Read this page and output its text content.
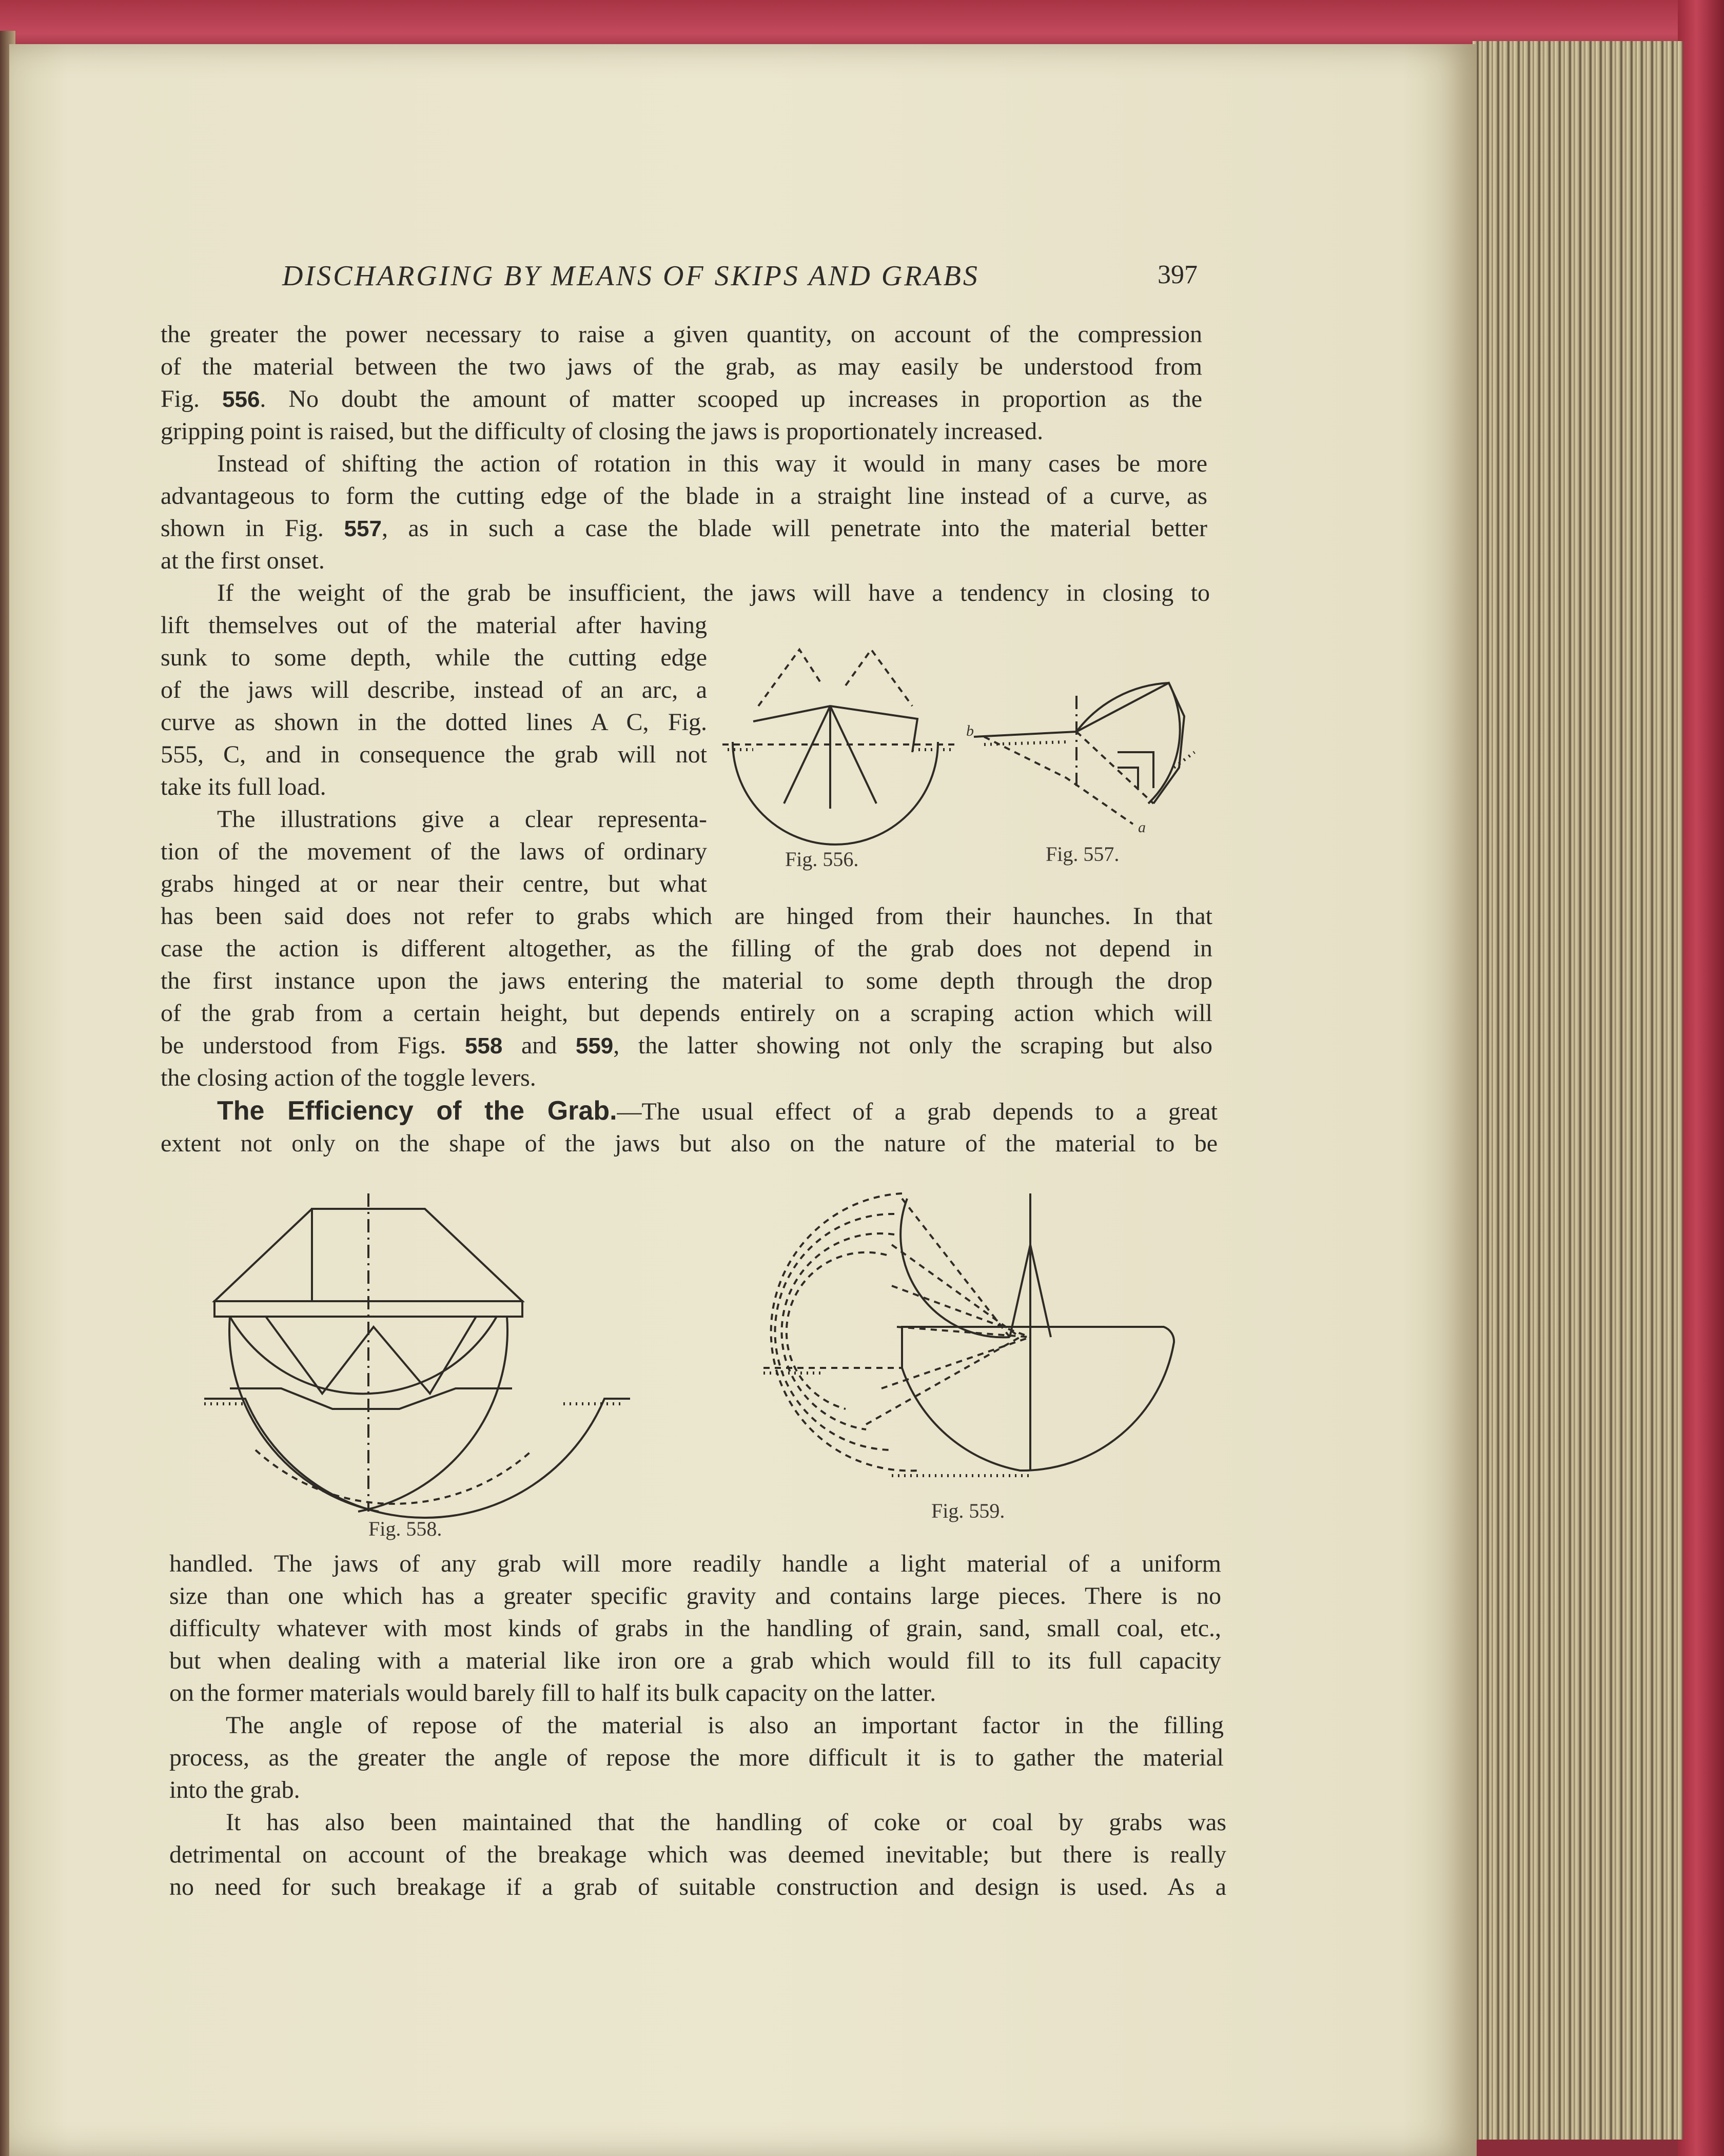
DISCHARGING BY MEANS OF SKIPS AND GRABS	397
the greater the power necessary to raise a given quantity, on account of the compression
of the material between the two jaws of the grab, as may easily be understood from
Fig. 556. No doubt the amount of matter scooped up increases in proportion as the
gripping point is raised, but the difficulty of closing the jaws is proportionately increased.
Instead of shifting the action of rotation in this way it would in many cases be more
advantageous to form the cutting edge of the blade in a straight line instead of a curve, as
shown in Fig. 557, as in such a case the blade will penetrate into the material better
at the first onset.
If the weight of the grab be insufficient, the jaws will have a tendency in closing to
lift themselves out of the material after having
sunk to some depth, while the cutting edge
of the jaws will describe, instead of an arc, a
curve as shown in the dotted lines A C, Fig.
555, C, and in consequence the grab will not
take its full load.
The illustrations give a clear representa-
tion of the movement of the laws of ordinary
grabs hinged at or near their centre, but what
has been said does not refer to grabs which are hinged from their haunches. In that
case the action is different altogether, as the filling of the grab does not depend in
the first instance upon the jaws entering the material to some depth through the drop
of the grab from a certain height, but depends entirely on a scraping action which will
be understood from Figs. 558 and 559, the latter showing not only the scraping but also
the closing action of the toggle levers.
The Efficiency of the Grab.—The usual effect of a grab depends to a great
extent not only on the shape of the jaws but also on the nature of the material to be
Fig. 556.
b
a
Fig. 557.
Fig. 558.
Fig. 559.
handled. The jaws of any grab will more readily handle a light material of a uniform
size than one which has a greater specific gravity and contains large pieces. There is no
difficulty whatever with most kinds of grabs in the handling of grain, sand, small coal, etc.,
but when dealing with a material like iron ore a grab which would fill to its full capacity
on the former materials would barely fill to half its bulk capacity on the latter.
The angle of repose of the material is also an important factor in the filling
process, as the greater the angle of repose the more difficult it is to gather the material
into the grab.
It has also been maintained that the handling of coke or coal by grabs was
detrimental on account of the breakage which was deemed inevitable; but there is really
no need for such breakage if a grab of suitable construction and design is used. As a
